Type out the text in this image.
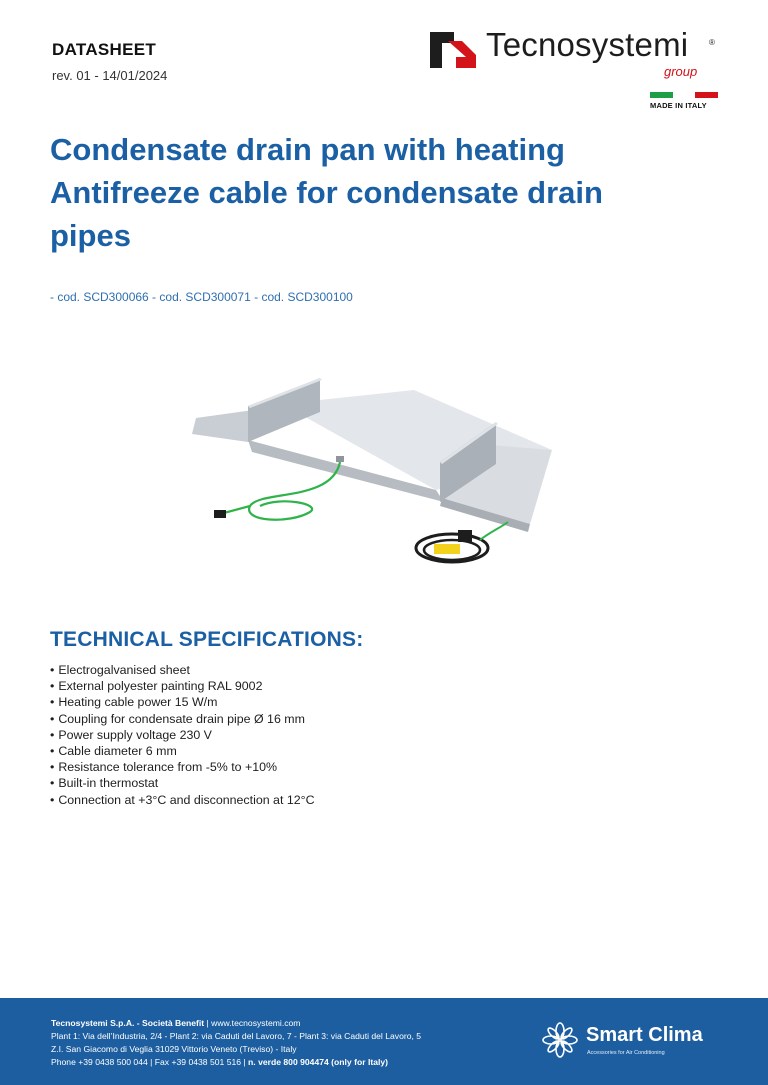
DATASHEET
rev. 01 - 14/01/2024
Tecnosystemi	®
group
MADE IN ITALY
Condensate drain pan with heating
Antifreeze cable for condensate drain
pipes
- cod. SCD300066 - cod. SCD300071 - cod. SCD300100
TECHNICAL SPECIFICATIONS:
• Electrogalvanised sheet
• External polyester painting RAL 9002
• Heating cable power 15 W/m
• Coupling for condensate drain pipe Ø 16 mm
• Power supply voltage 230 V
• Cable diameter 6 mm
• Resistance tolerance from -5% to +10%
• Built-in thermostat
• Connection at +3°C and disconnection at 12°C
Tecnosystemi S.p.A. - Società Benefit | www.tecnosystemi.com
Plant 1: Via dell’Industria, 2/4 - Plant 2: via Caduti del Lavoro, 7 - Plant 3: via Caduti del Lavoro, 5
Z.I. San Giacomo di Veglia 31029 Vittorio Veneto (Treviso) - Italy
Phone +39 0438 500 044 | Fax +39 0438 501 516 | n. verde 800 904474 (only for Italy)
Smart Clima
Accessories for Air Conditioning
